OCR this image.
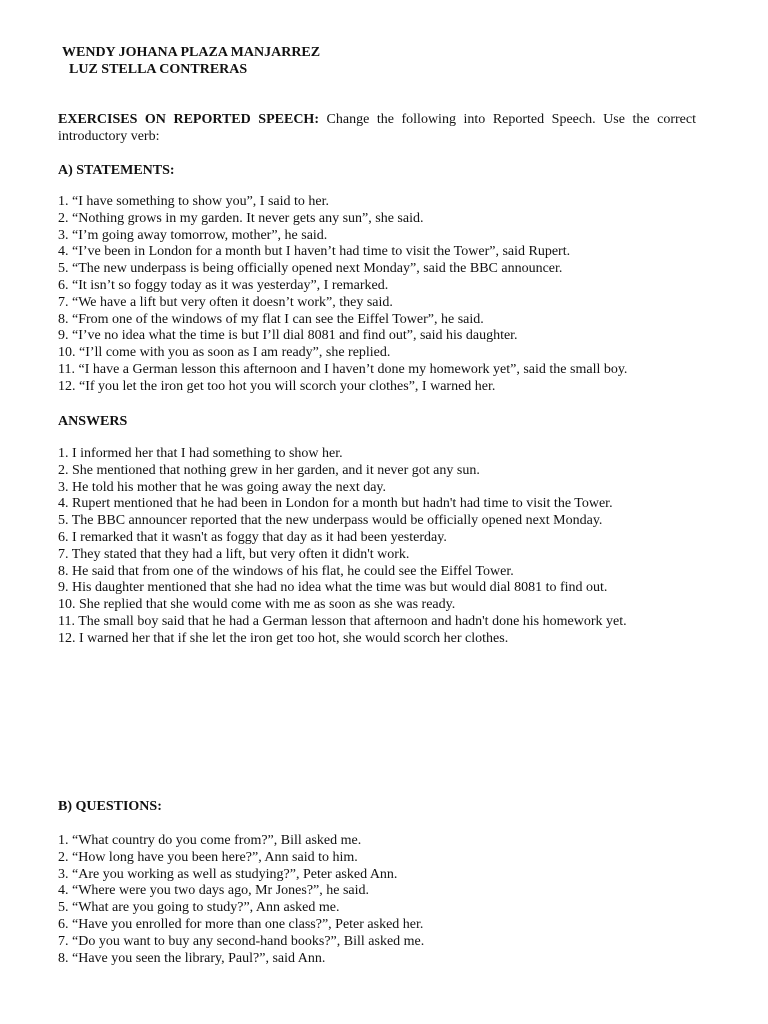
WENDY JOHANA PLAZA MANJARREZ
LUZ STELLA CONTRERAS
EXERCISES ON REPORTED SPEECH: Change the following into Reported Speech. Use the correct introductory verb:
A) STATEMENTS:
1. “I have something to show you”, I said to her.
2. “Nothing grows in my garden. It never gets any sun”, she said.
3. “I’m going away tomorrow, mother”, he said.
4. “I’ve been in London for a month but I haven’t had time to visit the Tower”, said Rupert.
5. “The new underpass is being officially opened next Monday”, said the BBC announcer.
6. “It isn’t so foggy today as it was yesterday”, I remarked.
7. “We have a lift but very often it doesn’t work”, they said.
8. “From one of the windows of my flat I can see the Eiffel Tower”, he said.
9. “I’ve no idea what the time is but I’ll dial 8081 and find out”, said his daughter.
10. “I’ll come with you as soon as I am ready”, she replied.
11. “I have a German lesson this afternoon and I haven’t done my homework yet”, said the small boy.
12. “If you let the iron get too hot you will scorch your clothes”, I warned her.
ANSWERS
1. I informed her that I had something to show her.
2. She mentioned that nothing grew in her garden, and it never got any sun.
3. He told his mother that he was going away the next day.
4. Rupert mentioned that he had been in London for a month but hadn't had time to visit the Tower.
5. The BBC announcer reported that the new underpass would be officially opened next Monday.
6. I remarked that it wasn't as foggy that day as it had been yesterday.
7. They stated that they had a lift, but very often it didn't work.
8. He said that from one of the windows of his flat, he could see the Eiffel Tower.
9. His daughter mentioned that she had no idea what the time was but would dial 8081 to find out.
10. She replied that she would come with me as soon as she was ready.
11. The small boy said that he had a German lesson that afternoon and hadn't done his homework yet.
12. I warned her that if she let the iron get too hot, she would scorch her clothes.
B) QUESTIONS:
1. “What country do you come from?”, Bill asked me.
2. “How long have you been here?”, Ann said to him.
3. “Are you working as well as studying?”, Peter asked Ann.
4. “Where were you two days ago, Mr Jones?”, he said.
5. “What are you going to study?”, Ann asked me.
6. “Have you enrolled for more than one class?”, Peter asked her.
7. “Do you want to buy any second-hand books?”, Bill asked me.
8. “Have you seen the library, Paul?”, said Ann.
